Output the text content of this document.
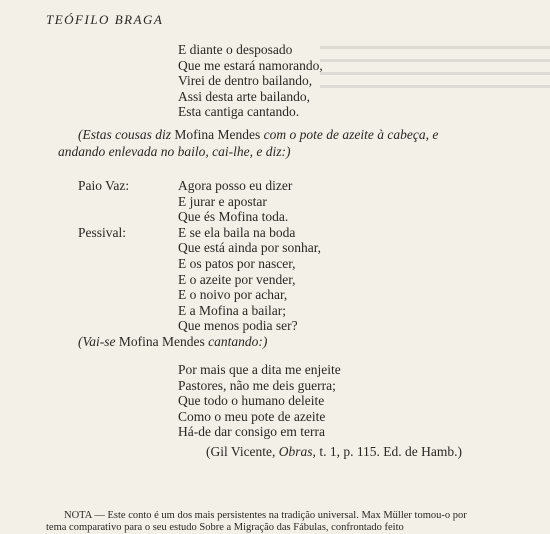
▬▬▬▬▬▬▬▬▬▬▬▬▬▬▬▬▬▬▬▬▬▬▬
▬▬▬▬▬▬▬▬▬▬▬▬▬▬▬▬▬▬▬▬▬▬▬
▬▬▬▬▬▬▬▬▬▬▬▬▬▬▬▬▬▬▬▬▬▬▬
▬▬▬▬▬▬▬▬▬▬▬▬▬▬▬▬▬▬▬▬▬▬▬
TEÓFILO BRAGA
E diante o desposado
Que me estará namorando,
Virei de dentro bailando,
Assi desta arte bailando,
Esta cantiga cantando.
(Estas cousas diz Mofina Mendes com o pote de azeite à cabeça, e andando enlevada no bailo, cai-lhe, e diz:)
Paio Vaz:	Agora posso eu dizer
E jurar e apostar
Que és Mofina toda.
Pessival:	E se ela baila na boda
Que está ainda por sonhar,
E os patos por nascer,
E o azeite por vender,
E o noivo por achar,
E a Mofina a bailar;
Que menos podia ser?
(Vai-se Mofina Mendes cantando:)
Por mais que a dita me enjeite
Pastores, não me deis guerra;
Que todo o humano deleite
Como o meu pote de azeite
Há-de dar consigo em terra
(Gil Vicente, Obras, t. 1, p. 115. Ed. de Hamb.)
NOTA — Este conto é um dos mais persistentes na tradição universal. Max Müller tomou-o por tema comparativo para o seu estudo Sobre a Migração das Fábulas, confrontado feito
